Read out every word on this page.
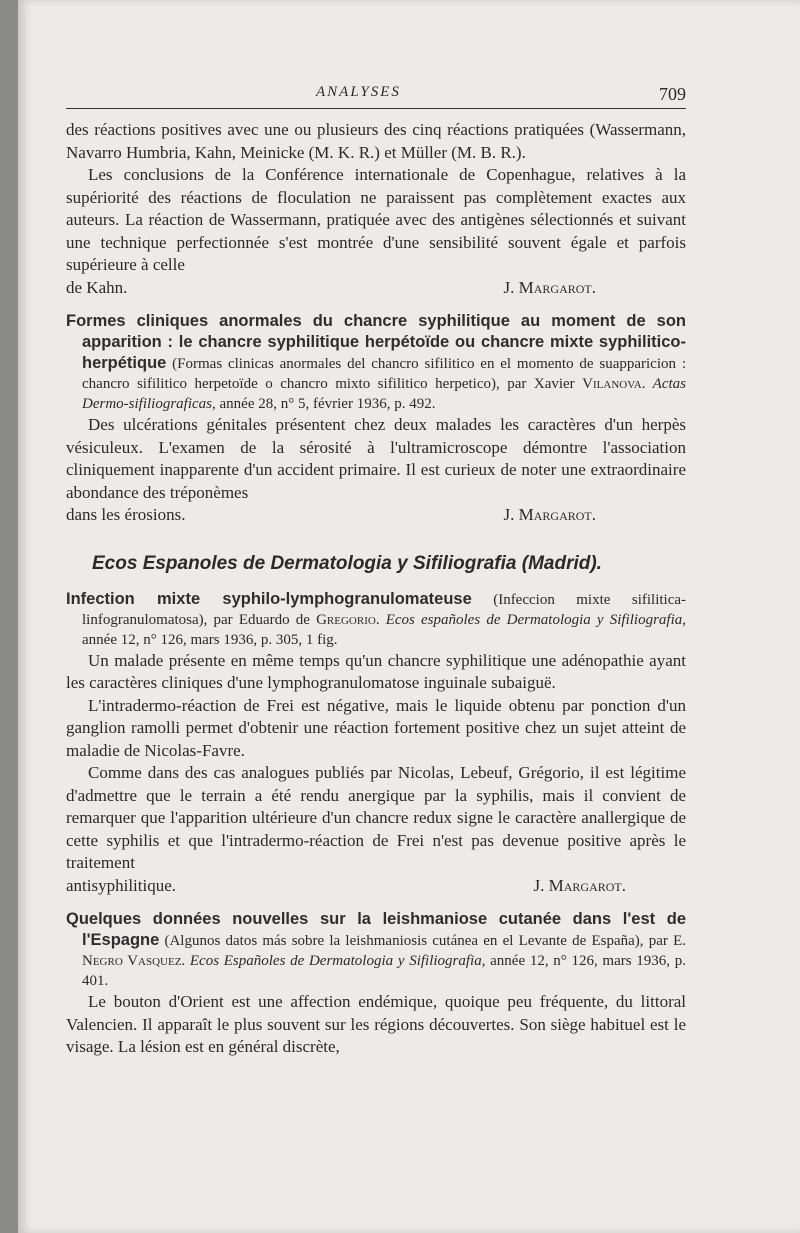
ANALYSES	709

des réactions positives avec une ou plusieurs des cinq réactions pratiquées (Wassermann, Navarro Humbria, Kahn, Meinicke (M. K. R.) et Müller (M. B. R.).

Les conclusions de la Conférence internationale de Copenhague, relatives à la supériorité des réactions de floculation ne paraissent pas complètement exactes aux auteurs. La réaction de Wassermann, pratiquée avec des antigènes sélectionnés et suivant une technique perfectionnée s'est montrée d'une sensibilité souvent égale et parfois supérieure à celle

de Kahn.	J. Margarot.

Formes cliniques anormales du chancre syphilitique au moment de son apparition : le chancre syphilitique herpétoïde ou chancre mixte syphilitico-herpétique (Formas clinicas anormales del chancro sifilitico en el momento de suapparicion : chancro sifilitico herpetoïde o chancro mixto sifilitico herpetico), par Xavier Vilanova. Actas Dermo-sifiliograficas, année 28, n° 5, février 1936, p. 492.

Des ulcérations génitales présentent chez deux malades les caractères d'un herpès vésiculeux. L'examen de la sérosité à l'ultramicroscope démontre l'association cliniquement inapparente d'un accident primaire. Il est curieux de noter une extraordinaire abondance des tréponèmes

dans les érosions.	J. Margarot.

Ecos Espanoles de Dermatologia y Sifiliografia (Madrid).

Infection mixte syphilo-lymphogranulomateuse (Infeccion mixte sifilitica-linfogranulomatosa), par Eduardo de Gregorio. Ecos españoles de Dermatologia y Sifiliografia, année 12, n° 126, mars 1936, p. 305, 1 fig.

Un malade présente en même temps qu'un chancre syphilitique une adénopathie ayant les caractères cliniques d'une lymphogranulomatose inguinale subaiguë.

L'intradermo-réaction de Frei est négative, mais le liquide obtenu par ponction d'un ganglion ramolli permet d'obtenir une réaction fortement positive chez un sujet atteint de maladie de Nicolas-Favre.

Comme dans des cas analogues publiés par Nicolas, Lebeuf, Grégorio, il est légitime d'admettre que le terrain a été rendu anergique par la syphilis, mais il convient de remarquer que l'apparition ultérieure d'un chancre redux signe le caractère anallergique de cette syphilis et que l'intradermo-réaction de Frei n'est pas devenue positive après le traitement

antisyphilitique.	J. Margarot.

Quelques données nouvelles sur la leishmaniose cutanée dans l'est de l'Espagne (Algunos datos más sobre la leishmaniosis cutánea en el Levante de España), par E. Negro Vasquez. Ecos Españoles de Dermatologia y Sifiliografia, année 12, n° 126, mars 1936, p. 401.

Le bouton d'Orient est une affection endémique, quoique peu fréquente, du littoral Valencien. Il apparaît le plus souvent sur les régions découvertes. Son siège habituel est le visage. La lésion est en général discrète,
